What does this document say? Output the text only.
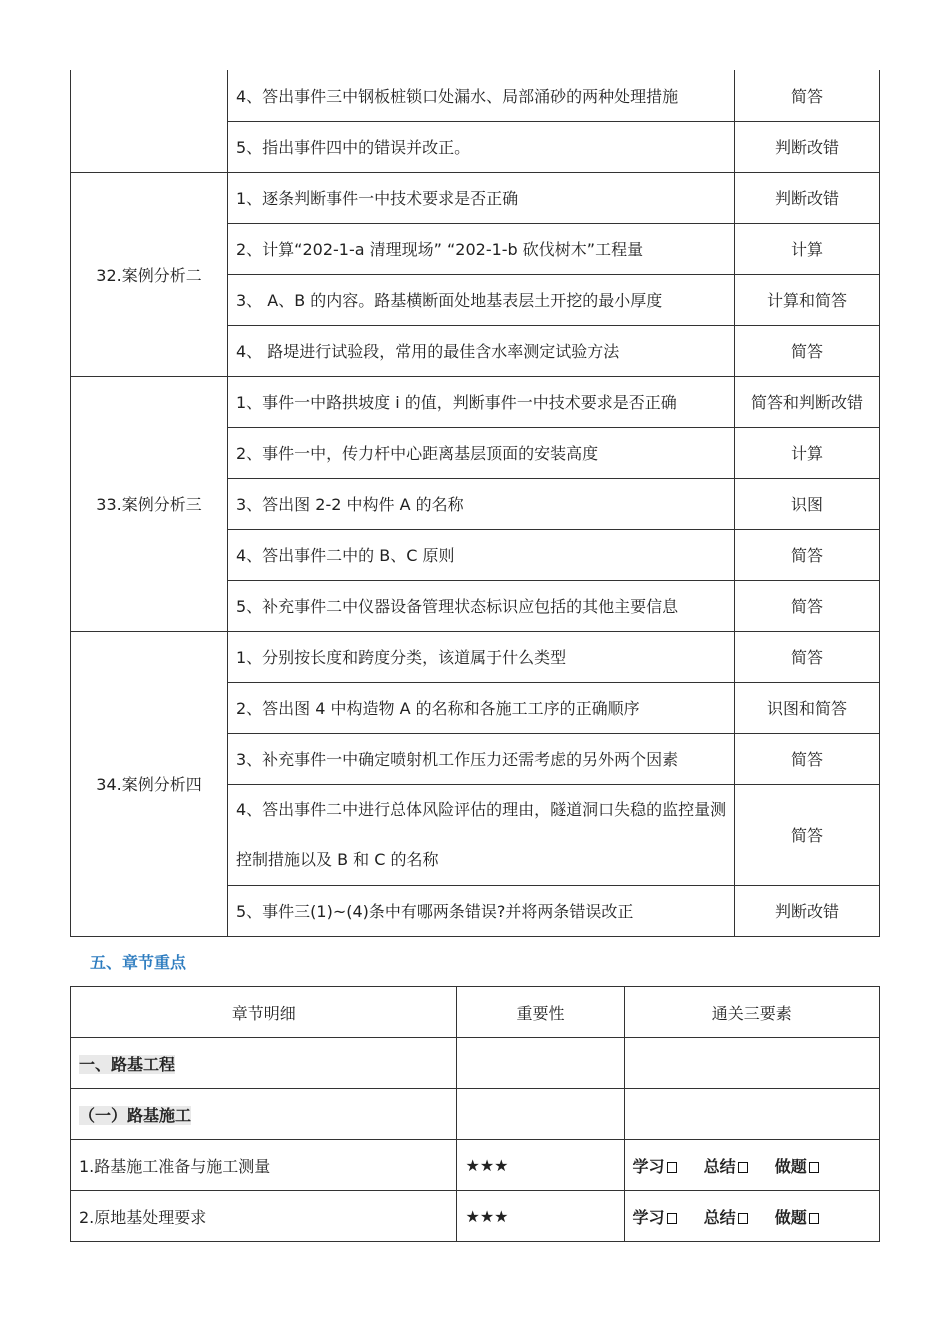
	4、答出事件三中钢板桩锁口处漏水、局部涌砂的两种处理措施	简答
	5、指出事件四中的错误并改正。	判断改错
32.案例分析二	1、逐条判断事件一中技术要求是否正确	判断改错
	2、计算“202-1-a 清理现场” “202-1-b 砍伐树木”工程量	计算
	3、 A、B 的内容。路基横断面处地基表层土开挖的最小厚度	计算和简答
	4、 路堤进行试验段，常用的最佳含水率测定试验方法	简答
33.案例分析三	1、事件一中路拱坡度 i 的值，判断事件一中技术要求是否正确	简答和判断改错
	2、事件一中，传力杆中心距离基层顶面的安装高度	计算
	3、答出图 2-2 中构件 A 的名称	识图
	4、答出事件二中的 B、C 原则	简答
	5、补充事件二中仪器设备管理状态标识应包括的其他主要信息	简答
34.案例分析四	1、分别按长度和跨度分类，该道属于什么类型	简答
	2、答出图 4 中构造物 A 的名称和各施工工序的正确顺序	识图和简答
	3、补充事件一中确定喷射机工作压力还需考虑的另外两个因素	简答
	4、答出事件二中进行总体风险评估的理由，隧道洞口失稳的监控量测控制措施以及 B 和 C 的名称	简答
	5、事件三(1)~(4)条中有哪两条错误?并将两条错误改正	判断改错
五、章节重点
章节明细	重要性	通关三要素
一、路基工程		
（一）路基施工		
1.路基施工准备与施工测量	★★★	学习 总结 做题
2.原地基处理要求	★★★	学习 总结 做题
